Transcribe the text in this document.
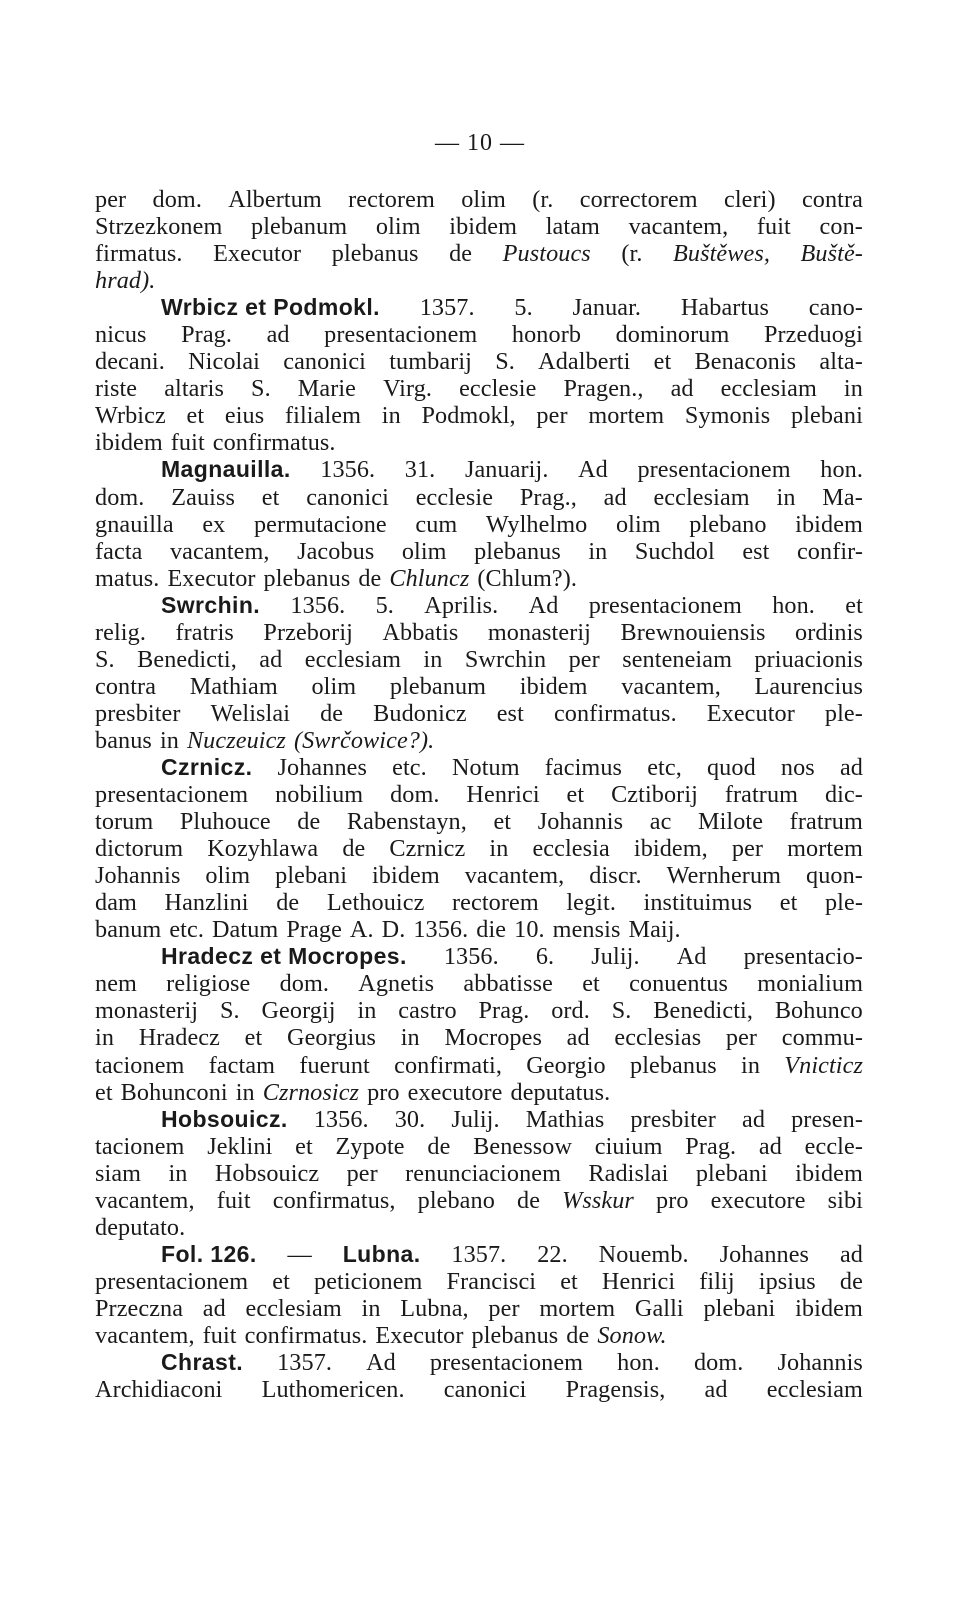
— 10 —
per dom. Albertum rectorem olim (r. correctorem cleri) contra
Strzezkonem plebanum olim ibidem latam vacantem, fuit con-
firmatus. Executor plebanus de Pustoucs (r. Buštěwes, Buště-
hrad).
Wrbicz et Podmokl. 1357. 5. Januar. Habartus cano-
nicus Prag. ad presentacionem honorb dominorum Przeduogi
decani. Nicolai canonici tumbarij S. Adalberti et Benaconis alta-
riste altaris S. Marie Virg. ecclesie Pragen., ad ecclesiam in
Wrbicz et eius filialem in Podmokl, per mortem Symonis plebani
ibidem fuit confirmatus.
Magnauilla. 1356. 31. Januarij. Ad presentacionem hon.
dom. Zauiss et canonici ecclesie Prag., ad ecclesiam in Ma-
gnauilla ex permutacione cum Wylhelmo olim plebano ibidem
facta vacantem, Jacobus olim plebanus in Suchdol est confir-
matus. Executor plebanus de Chluncz (Chlum?).
Swrchin. 1356. 5. Aprilis. Ad presentacionem hon. et
relig. fratris Przeborij Abbatis monasterij Brewnouiensis ordinis
S. Benedicti, ad ecclesiam in Swrchin per senteneiam priuacionis
contra Mathiam olim plebanum ibidem vacantem, Laurencius
presbiter Welislai de Budonicz est confirmatus. Executor ple-
banus in Nuczeuicz (Swrčowice?).
Czrnicz. Johannes etc. Notum facimus etc, quod nos ad
presentacionem nobilium dom. Henrici et Cztiborij fratrum dic-
torum Pluhouce de Rabenstayn, et Johannis ac Milote fratrum
dictorum Kozyhlawa de Czrnicz in ecclesia ibidem, per mortem
Johannis olim plebani ibidem vacantem, discr. Wernherum quon-
dam Hanzlini de Lethouicz rectorem legit. instituimus et ple-
banum etc. Datum Prage A. D. 1356. die 10. mensis Maij.
Hradecz et Mocropes. 1356. 6. Julij. Ad presentacio-
nem religiose dom. Agnetis abbatisse et conuentus monialium
monasterij S. Georgij in castro Prag. ord. S. Benedicti, Bohunco
in Hradecz et Georgius in Mocropes ad ecclesias per commu-
tacionem factam fuerunt confirmati, Georgio plebanus in Vnicticz
et Bohunconi in Czrnosicz pro executore deputatus.
Hobsouicz. 1356. 30. Julij. Mathias presbiter ad presen-
tacionem Jeklini et Zypote de Benessow ciuium Prag. ad eccle-
siam in Hobsouicz per renunciacionem Radislai plebani ibidem
vacantem, fuit confirmatus, plebano de Wsskur pro executore sibi
deputato.
Fol. 126. — Lubna. 1357. 22. Nouemb. Johannes ad
presentacionem et peticionem Francisci et Henrici filij ipsius de
Przeczna ad ecclesiam in Lubna, per mortem Galli plebani ibidem
vacantem, fuit confirmatus. Executor plebanus de Sonow.
Chrast. 1357. Ad presentacionem hon. dom. Johannis
Archidiaconi Luthomericen. canonici Pragensis, ad ecclesiam
